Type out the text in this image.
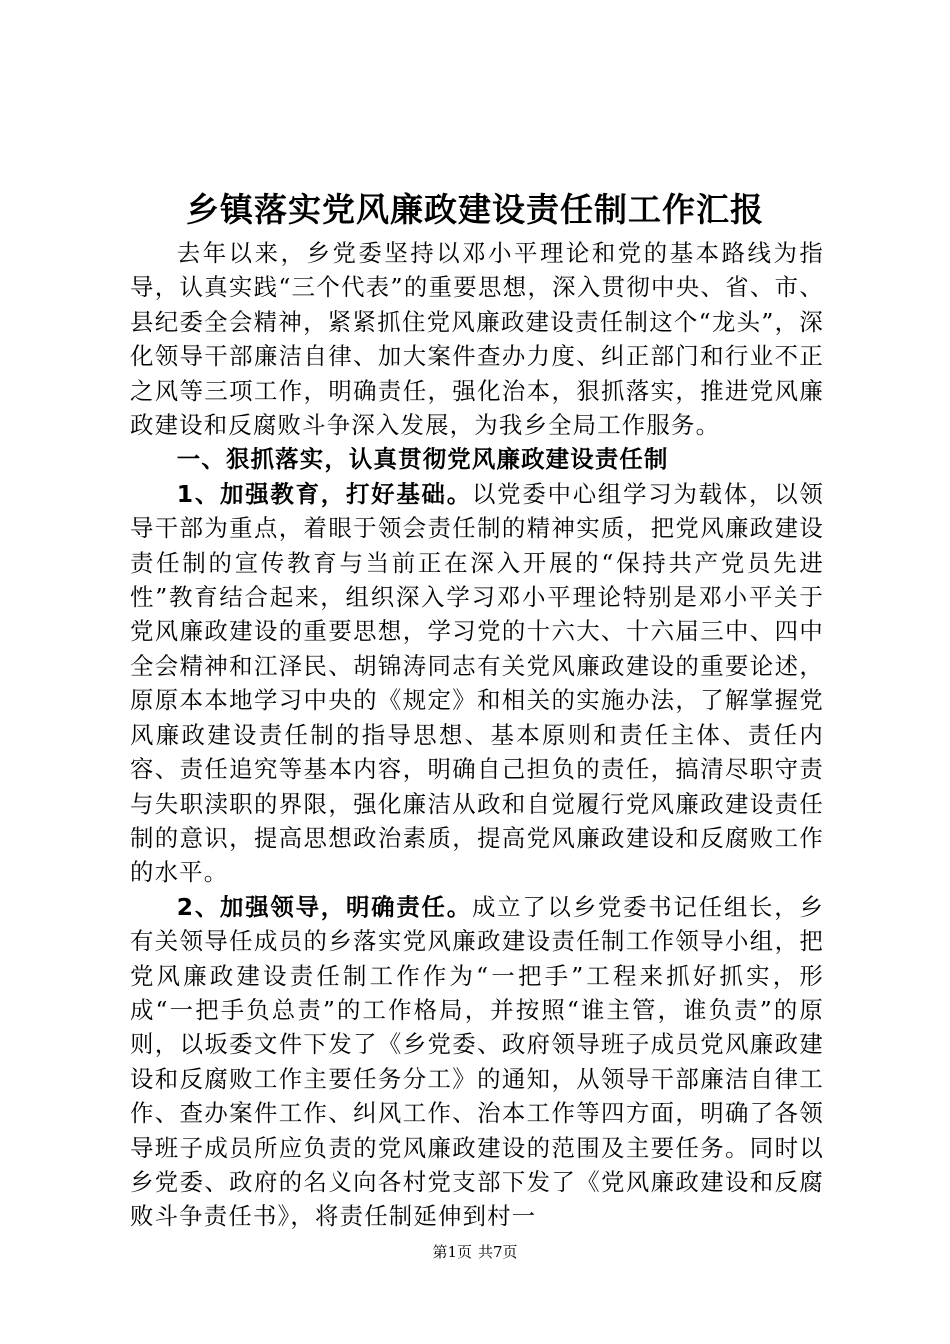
乡镇落实党风廉政建设责任制工作汇报

去年以来，乡党委坚持以邓小平理论和党的基本路线为指导，认真实践“三个代表”的重要思想，深入贯彻中央、省、市、县纪委全会精神，紧紧抓住党风廉政建设责任制这个“龙头”，深化领导干部廉洁自律、加大案件查办力度、纠正部门和行业不正之风等三项工作，明确责任，强化治本，狠抓落实，推进党风廉政建设和反腐败斗争深入发展，为我乡全局工作服务。

一、狠抓落实，认真贯彻党风廉政建设责任制

1、加强教育，打好基础。以党委中心组学习为载体，以领导干部为重点，着眼于领会责任制的精神实质，把党风廉政建设责任制的宣传教育与当前正在深入开展的“保持共产党员先进性”教育结合起来，组织深入学习邓小平理论特别是邓小平关于党风廉政建设的重要思想，学习党的十六大、十六届三中、四中全会精神和江泽民、胡锦涛同志有关党风廉政建设的重要论述，原原本本地学习中央的《规定》和相关的实施办法，了解掌握党风廉政建设责任制的指导思想、基本原则和责任主体、责任内容、责任追究等基本内容，明确自己担负的责任，搞清尽职守责与失职渎职的界限，强化廉洁从政和自觉履行党风廉政建设责任制的意识，提高思想政治素质，提高党风廉政建设和反腐败工作的水平。

2、加强领导，明确责任。成立了以乡党委书记任组长，乡有关领导任成员的乡落实党风廉政建设责任制工作领导小组，把党风廉政建设责任制工作作为“一把手”工程来抓好抓实，形成“一把手负总责”的工作格局，并按照“谁主管，谁负责”的原则，以坂委文件下发了《乡党委、政府领导班子成员党风廉政建设和反腐败工作主要任务分工》的通知，从领导干部廉洁自律工作、查办案件工作、纠风工作、治本工作等四方面，明确了各领导班子成员所应负责的党风廉政建设的范围及主要任务。同时以乡党委、政府的名义向各村党支部下发了《党风廉政建设和反腐败斗争责任书》，将责任制延伸到村一

第1页 共7页
